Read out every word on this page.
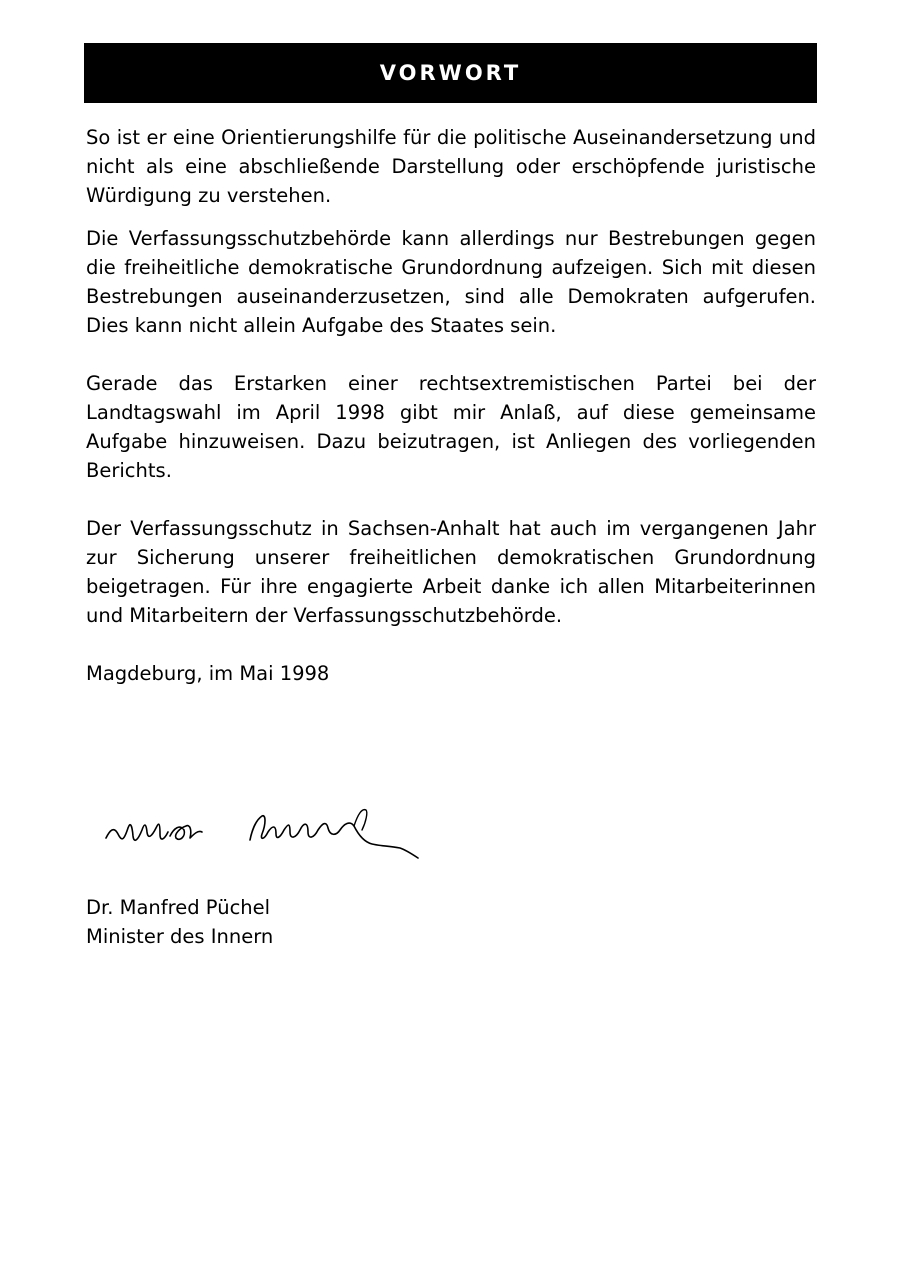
VORWORT

So ist er eine Orientierungshilfe für die politische Auseinandersetzung und nicht als eine abschließende Darstellung oder erschöpfende juristische Würdigung zu verstehen.

Die Verfassungsschutzbehörde kann allerdings nur Bestrebungen gegen die freiheitliche demokratische Grundordnung aufzeigen. Sich mit diesen Bestrebungen auseinanderzusetzen, sind alle Demokraten aufgerufen. Dies kann nicht allein Aufgabe des Staates sein.

Gerade das Erstarken einer rechtsextremistischen Partei bei der Landtagswahl im April 1998 gibt mir Anlaß, auf diese gemeinsame Aufgabe hinzuweisen. Dazu beizutragen, ist Anliegen des vorliegenden Berichts.

Der Verfassungsschutz in Sachsen-Anhalt hat auch im vergangenen Jahr zur Sicherung unserer freiheitlichen demokratischen Grundordnung beigetragen. Für ihre engagierte Arbeit danke ich allen Mitarbeiterinnen und Mitarbeitern der Verfassungsschutzbehörde.

Magdeburg, im Mai 1998

Dr. Manfred Püchel
Minister des Innern
